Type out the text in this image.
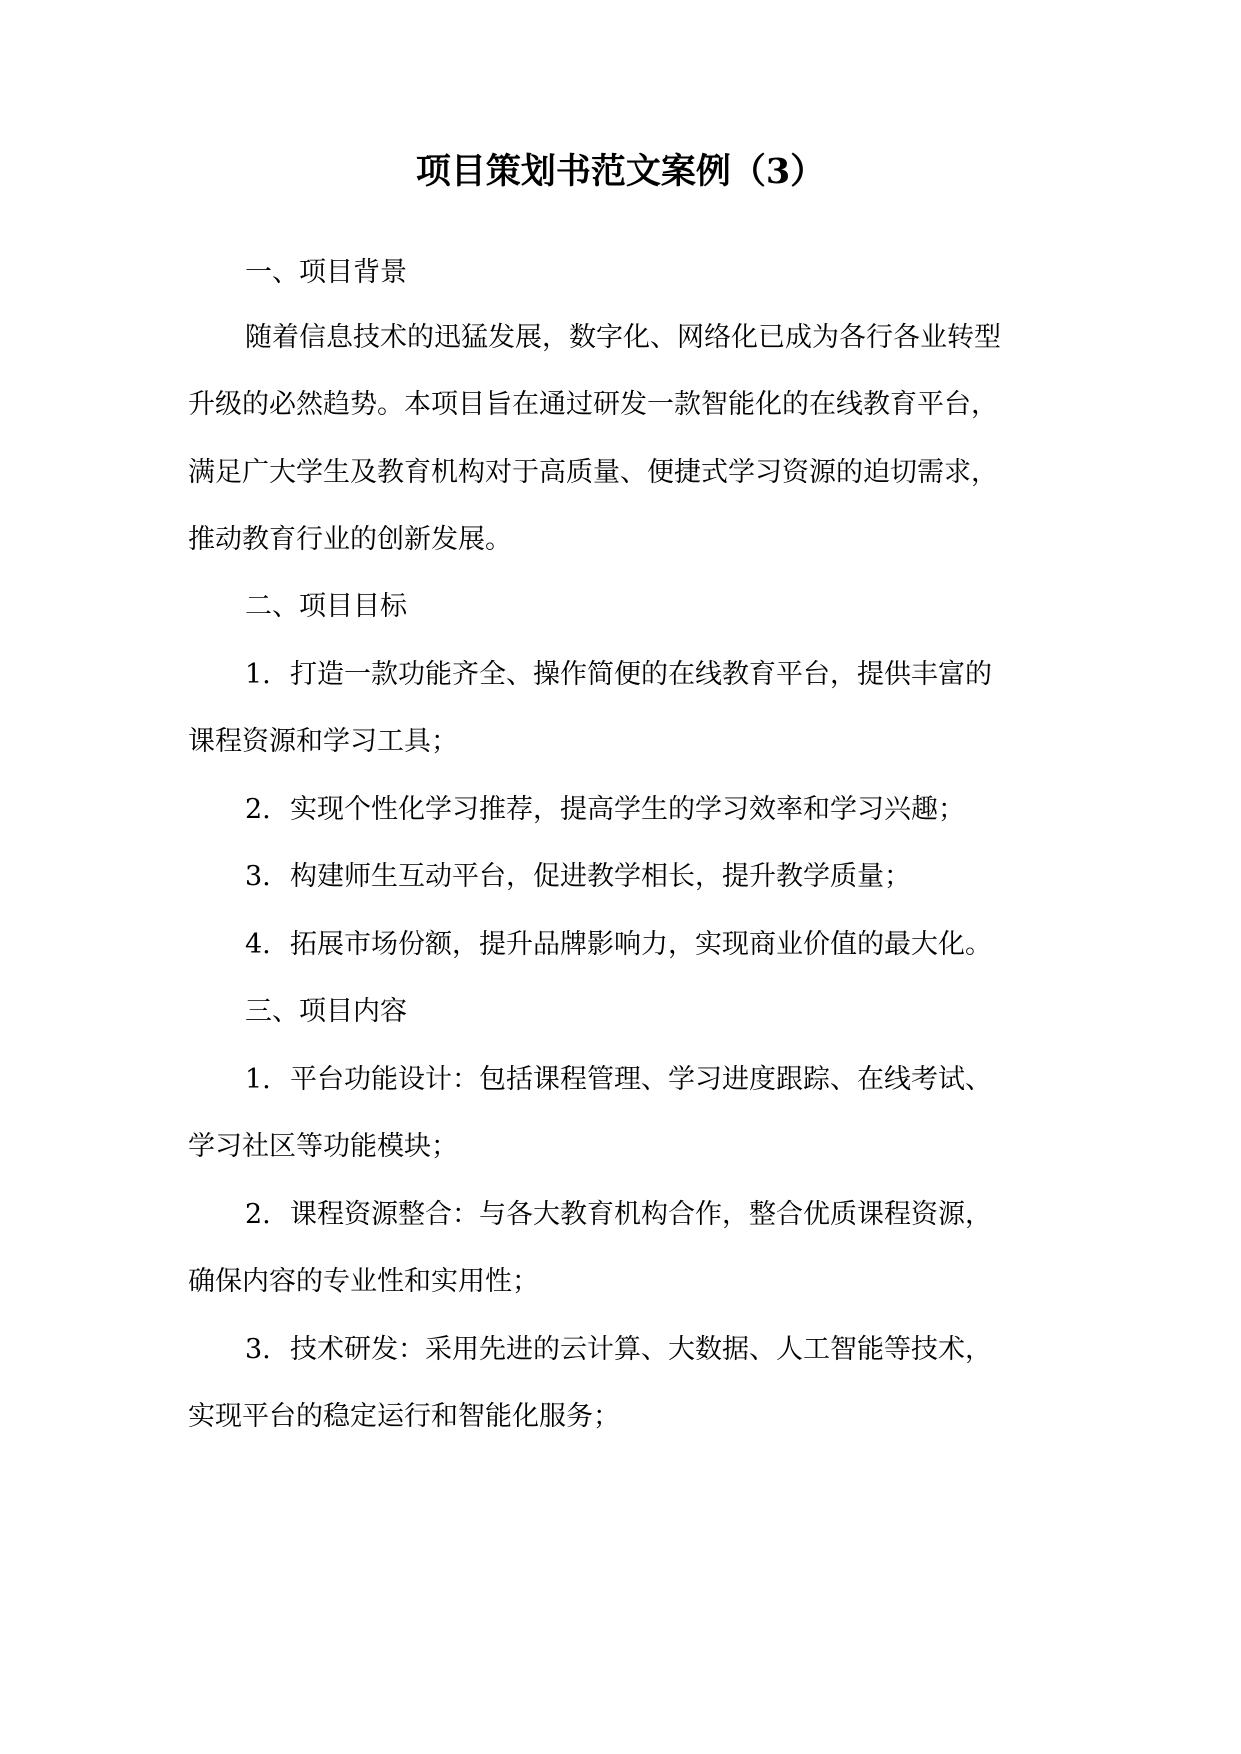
项目策划书范文案例（3）

一、项目背景

随着信息技术的迅猛发展，数字化、网络化已成为各行各业转型

升级的必然趋势。本项目旨在通过研发一款智能化的在线教育平台，

满足广大学生及教育机构对于高质量、便捷式学习资源的迫切需求，

推动教育行业的创新发展。

二、项目目标

1. 打造一款功能齐全、操作简便的在线教育平台，提供丰富的

课程资源和学习工具；

2. 实现个性化学习推荐，提高学生的学习效率和学习兴趣；

3. 构建师生互动平台，促进教学相长，提升教学质量；

4. 拓展市场份额，提升品牌影响力，实现商业价值的最大化。

三、项目内容

1. 平台功能设计：包括课程管理、学习进度跟踪、在线考试、

学习社区等功能模块；

2. 课程资源整合：与各大教育机构合作，整合优质课程资源，

确保内容的专业性和实用性；

3. 技术研发：采用先进的云计算、大数据、人工智能等技术，

实现平台的稳定运行和智能化服务；
